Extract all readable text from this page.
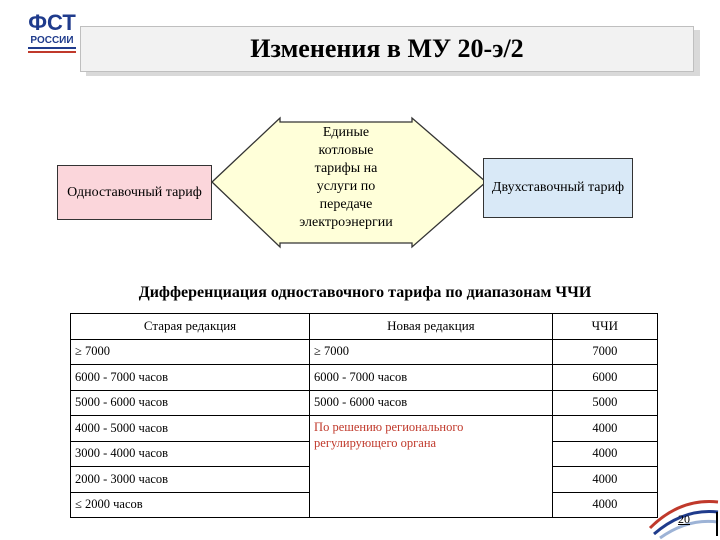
ФСТ
РОССИИ	Изменения в МУ 20-э/2
Одноставочный тариф
Единые
котловые
тарифы на
услуги по
передаче
электроэнергии
Двухставочный тариф
Дифференциация одноставочного тарифа по диапазонам ЧЧИ
Старая редакция	Новая редакция	ЧЧИ
≥ 7000	≥ 7000	7000
6000 - 7000 часов	6000 - 7000 часов	6000
5000 - 6000 часов	5000 - 6000 часов	5000
4000 - 5000 часов	По решению регионального регулирующего органа	4000
3000 - 4000 часов		4000
2000 - 3000 часов		4000
≤ 2000 часов		4000
20
